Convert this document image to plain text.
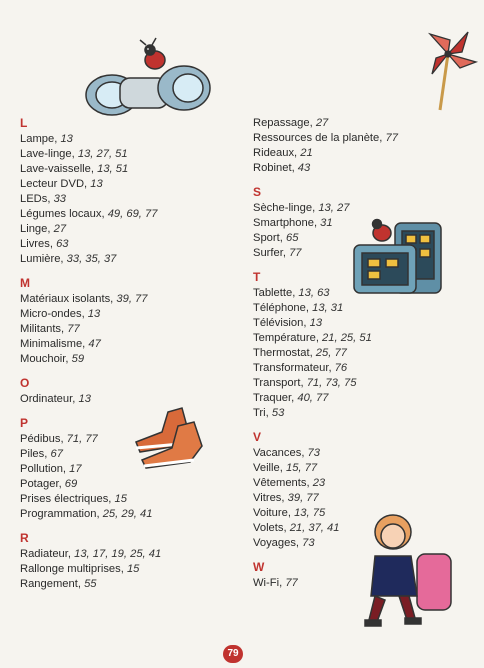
L
Lampe, 13
Lave-linge, 13, 27, 51
Lave-vaisselle, 13, 51
Lecteur DVD, 13
LEDs, 33
Légumes locaux, 49, 69, 77
Linge, 27
Livres, 63
Lumière, 33, 35, 37
M
Matériaux isolants, 39, 77
Micro-ondes, 13
Militants, 77
Minimalisme, 47
Mouchoir, 59
O
Ordinateur, 13
P
Pédibus, 71, 77
Piles, 67
Pollution, 17
Potager, 69
Prises électriques, 15
Programmation, 25, 29, 41
R
Radiateur, 13, 17, 19, 25, 41
Rallonge multiprises, 15
Rangement, 55
Repassage, 27
Ressources de la planète, 77
Rideaux, 21
Robinet, 43
S
Sèche-linge, 13, 27
Smartphone, 31
Sport, 65
Surfer, 77
T
Tablette, 13, 63
Téléphone, 13, 31
Télévision, 13
Température, 21, 25, 51
Thermostat, 25, 77
Transformateur, 76
Transport, 71, 73, 75
Traquer, 40, 77
Tri, 53
V
Vacances, 73
Veille, 15, 77
Vêtements, 23
Vitres, 39, 77
Voiture, 13, 75
Volets, 21, 37, 41
Voyages, 73
W
Wi-Fi, 77
79
